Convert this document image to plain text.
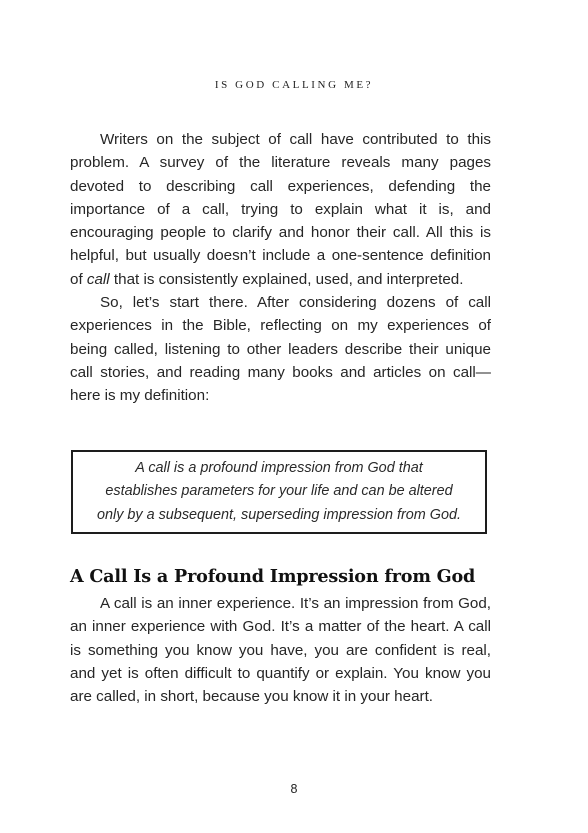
IS GOD CALLING ME?

Writers on the subject of call have contributed to this problem. A survey of the literature reveals many pages devoted to describing call experiences, defending the importance of a call, trying to explain what it is, and encouraging people to clarify and honor their call. All this is helpful, but usually doesn’t include a one-sentence definition of call that is consistently explained, used, and interpreted.

So, let’s start there. After considering dozens of call experiences in the Bible, reflecting on my experiences of being called, listening to other leaders describe their unique call stories, and reading many books and articles on call—here is my definition:

A call is a profound impression from God that
establishes parameters for your life and can be altered
only by a subsequent, superseding impression from God.

A Call Is a Profound Impression from God

A call is an inner experience. It’s an impression from God, an inner experience with God. It’s a matter of the heart. A call is something you know you have, you are confident is real, and yet is often difficult to quantify or explain. You know you are called, in short, because you know it in your heart.

8
